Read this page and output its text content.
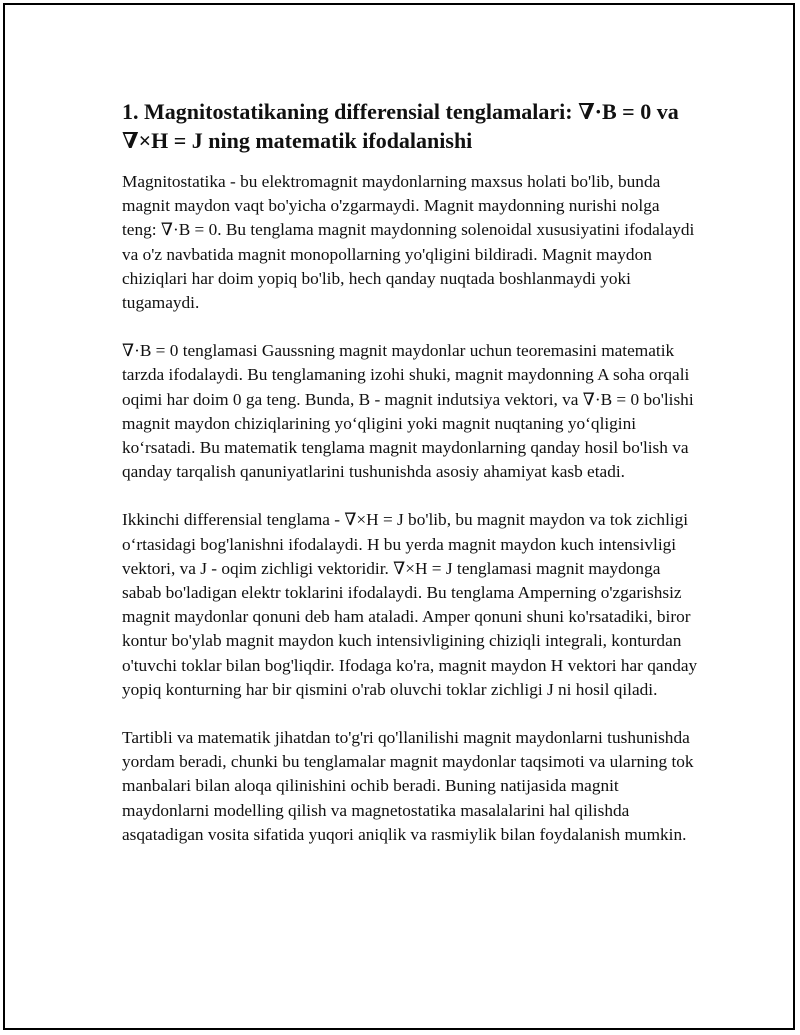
1. Magnitostatikaning differensial tenglamalari: ∇·B = 0 va ∇×H = J ning matematik ifodalanishi

Magnitostatika - bu elektromagnit maydonlarning maxsus holati bo'lib, bunda magnit maydon vaqt bo'yicha o'zgarmaydi. Magnit maydonning nurishi nolga teng: ∇·B = 0. Bu tenglama magnit maydonning solenoidal xususiyatini ifodalaydi va o'z navbatida magnit monopollarning yo'qligini bildiradi. Magnit maydon chiziqlari har doim yopiq bo'lib, hech qanday nuqtada boshlanmaydi yoki tugamaydi.

∇·B = 0 tenglamasi Gaussning magnit maydonlar uchun teoremasini matematik tarzda ifodalaydi. Bu tenglamaning izohi shuki, magnit maydonning A soha orqali oqimi har doim 0 ga teng. Bunda, B - magnit indutsiya vektori, va ∇·B = 0 bo'lishi magnit maydon chiziqlarining yo‘qligini yoki magnit nuqtaning yo‘qligini ko‘rsatadi. Bu matematik tenglama magnit maydonlarning qanday hosil bo'lish va qanday tarqalish qanuniyatlarini tushunishda asosiy ahamiyat kasb etadi.

Ikkinchi differensial tenglama - ∇×H = J bo'lib, bu magnit maydon va tok zichligi o‘rtasidagi bog'lanishni ifodalaydi. H bu yerda magnit maydon kuch intensivligi vektori, va J - oqim zichligi vektoridir. ∇×H = J tenglamasi magnit maydonga sabab bo'ladigan elektr toklarini ifodalaydi. Bu tenglama Amperning o'zgarishsiz magnit maydonlar qonuni deb ham ataladi. Amper qonuni shuni ko'rsatadiki, biror kontur bo'ylab magnit maydon kuch intensivligining chiziqli integrali, konturdan o'tuvchi toklar bilan bog'liqdir. Ifodaga ko'ra, magnit maydon H vektori har qanday yopiq konturning har bir qismini o'rab oluvchi toklar zichligi J ni hosil qiladi.

Tartibli va matematik jihatdan to'g'ri qo'llanilishi magnit maydonlarni tushunishda yordam beradi, chunki bu tenglamalar magnit maydonlar taqsimoti va ularning tok manbalari bilan aloqa qilinishini ochib beradi. Buning natijasida magnit maydonlarni modelling qilish va magnetostatika masalalarini hal qilishda asqatadigan vosita sifatida yuqori aniqlik va rasmiylik bilan foydalanish mumkin.
